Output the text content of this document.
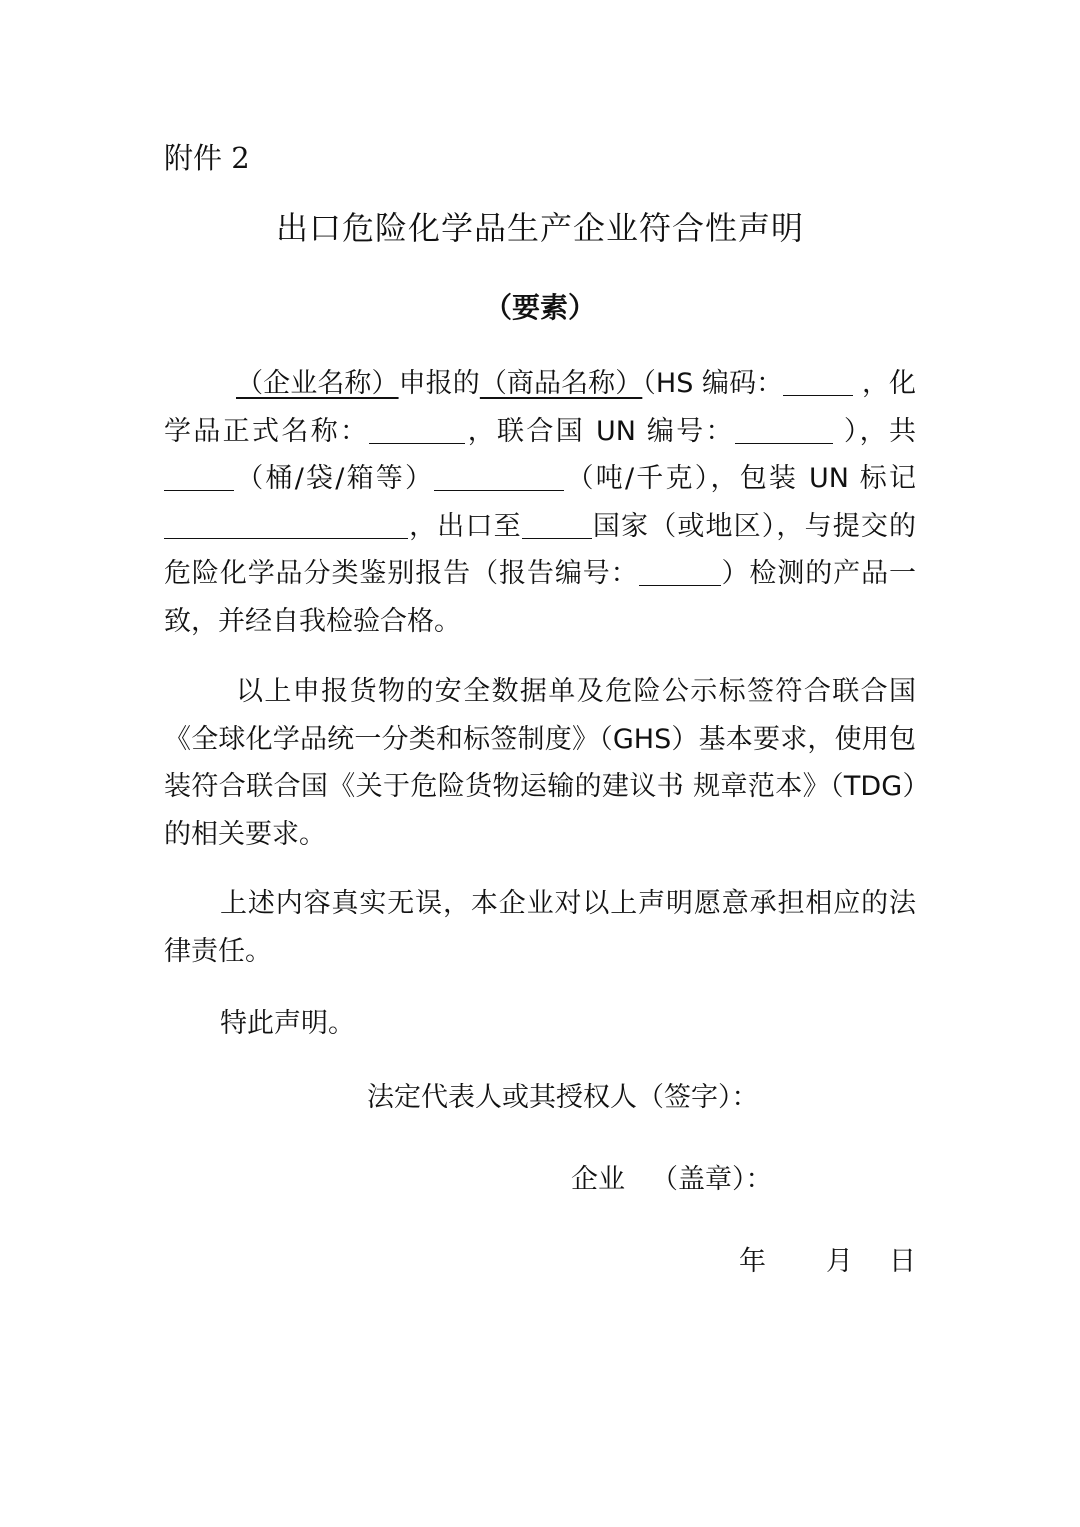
附件 2
出口危险化学品生产企业符合性声明
（要素）

（企业名称）申报的（商品名称）（HS 编码：	，化学品正式名称：	，联合国 UN 编号：	），共 （桶/袋/箱等）	（吨/千克），包装 UN 标记，出口至	国家（或地区），与提交的危险化学品分类鉴别报告（报告编号：	）检测的产品一致，并经自我检验合格。

以上申报货物的安全数据单及危险公示标签符合联合国《全球化学品统一分类和标签制度》（GHS）基本要求，使用包装符合联合国《关于危险货物运输的建议书 规章范本》（TDG）的相关要求。

上述内容真实无误，本企业对以上声明愿意承担相应的法律责任。

特此声明。

法定代表人或其授权人（签字）：
企业 （盖章）：
年 月 日
